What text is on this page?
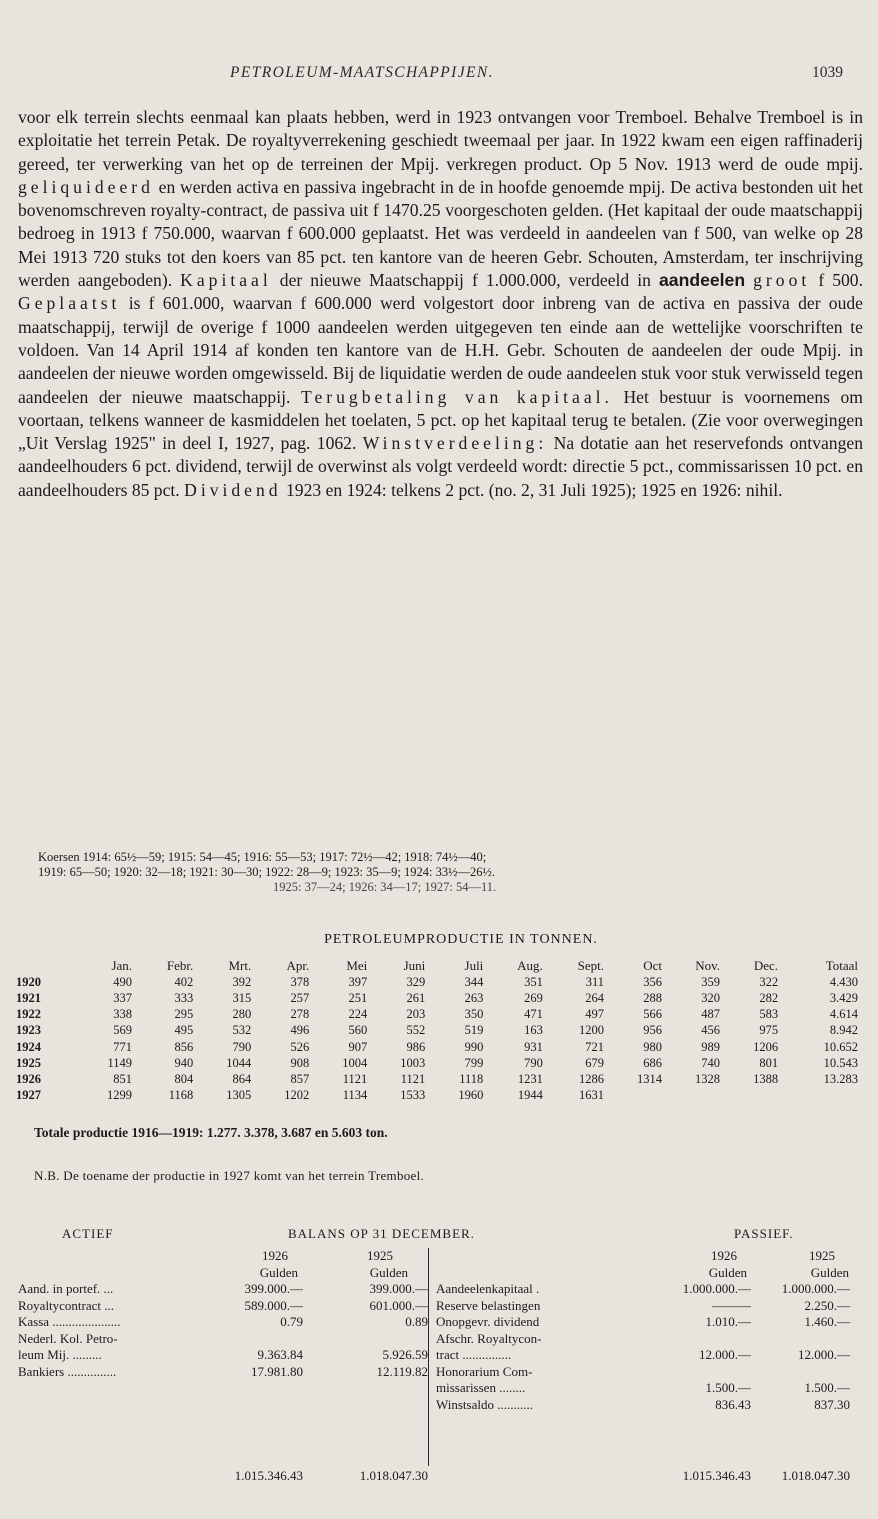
PETROLEUM-MAATSCHAPPIJEN.	1039

voor elk terrein slechts eenmaal kan plaats hebben, werd in 1923 ontvangen voor Tremboel. Behalve Tremboel is in exploitatie het terrein Petak. De royaltyverrekening geschiedt tweemaal per jaar. In 1922 kwam een eigen raffinaderij gereed, ter verwerking van het op de terreinen der Mpij. verkregen product. Op 5 Nov. 1913 werd de oude mpij. geliquideerd en werden activa en passiva ingebracht in de in hoofde genoemde mpij. De activa bestonden uit het bovenomschreven royalty-contract, de passiva uit f 1470.25 voorgeschoten gelden. (Het kapitaal der oude maatschappij bedroeg in 1913 f 750.000, waarvan f 600.000 geplaatst. Het was verdeeld in aandeelen van f 500, van welke op 28 Mei 1913 720 stuks tot den koers van 85 pct. ten kantore van de heeren Gebr. Schouten, Amsterdam, ter inschrijving werden aangeboden). Kapitaal der nieuwe Maatschappij f 1.000.000, verdeeld in aandeelen groot f 500. Geplaatst is f 601.000, waarvan f 600.000 werd volgestort door inbreng van de activa en passiva der oude maatschappij, terwijl de overige f 1000 aandeelen werden uitgegeven ten einde aan de wettelijke voorschriften te voldoen. Van 14 April 1914 af konden ten kantore van de H.H. Gebr. Schouten de aandeelen der oude Mpij. in aandeelen der nieuwe worden omgewisseld. Bij de liquidatie werden de oude aandeelen stuk voor stuk verwisseld tegen aandeelen der nieuwe maatschappij. Terugbetaling van kapitaal. Het bestuur is voornemens om voortaan, telkens wanneer de kasmiddelen het toelaten, 5 pct. op het kapitaal terug te betalen. (Zie voor overwegingen „Uit Verslag 1925" in deel I, 1927, pag. 1062. Winstverdeeling: Na dotatie aan het reservefonds ontvangen aandeelhouders 6 pct. dividend, terwijl de overwinst als volgt verdeeld wordt: directie 5 pct., commissarissen 10 pct. en aandeelhouders 85 pct. Dividend 1923 en 1924: telkens 2 pct. (no. 2, 31 Juli 1925); 1925 en 1926: nihil.

Koersen 1914: 65½—59; 1915: 54—45; 1916: 55—53; 1917: 72½—42; 1918: 74½—40;
1919: 65—50; 1920: 32—18; 1921: 30—30; 1922: 28—9; 1923: 35—9; 1924: 33½—26½.
1925: 37—24; 1926: 34—17; 1927: 54—11.
PETROLEUMPRODUCTIE IN TONNEN.
	Jan.	Febr.	Mrt.	Apr.	Mei	Juni	Juli	Aug.	Sept.	Oct	Nov.	Dec.	Totaal
1920	490	402	392	378	397	329	344	351	311	356	359	322	4.430
1921	337	333	315	257	251	261	263	269	264	288	320	282	3.429
1922	338	295	280	278	224	203	350	471	497	566	487	583	4.614
1923	569	495	532	496	560	552	519	163	1200	956	456	975	8.942
1924	771	856	790	526	907	986	990	931	721	980	989	1206	10.652
1925	1149	940	1044	908	1004	1003	799	790	679	686	740	801	10.543
1926	851	804	864	857	1121	1121	1118	1231	1286	1314	1328	1388	13.283
1927	1299	1168	1305	1202	1134	1533	1960	1944	1631				
Totale productie 1916—1919: 1.277. 3.378, 3.687 en 5.603 ton.
N.B. De toename der productie in 1927 komt van het terrein Tremboel.
ACTIEF	BALANS OP 31 DECEMBER.	PASSIEF.
1926	1925
Gulden	Gulden
Aand. in portef. ...	399.000.—	399.000.—
Royaltycontract ...	589.000.—	601.000.—
Kassa .....................	0.79	0.89
Nederl. Kol. Petro-
leum Mij. .........	9.363.84	5.926.59
Bankiers ...............	17.981.80	12.119.82
1.015.346.43	1.018.047.30
1926	1925
Gulden	Gulden
Aandeelenkapitaal .	1.000.000.— 1.000.000.—
Reserve belastingen	———	2.250.—
Onopgevr. dividend	1.010.—	1.460.—
Afschr. Royaltycon-
tract ...............	12.000.—	12.000.—
Honorarium Com-
missarissen ........	1.500.—	1.500.—
Winstsaldo ...........	836.43	837.30
1.015.346.43 1.018.047.30
